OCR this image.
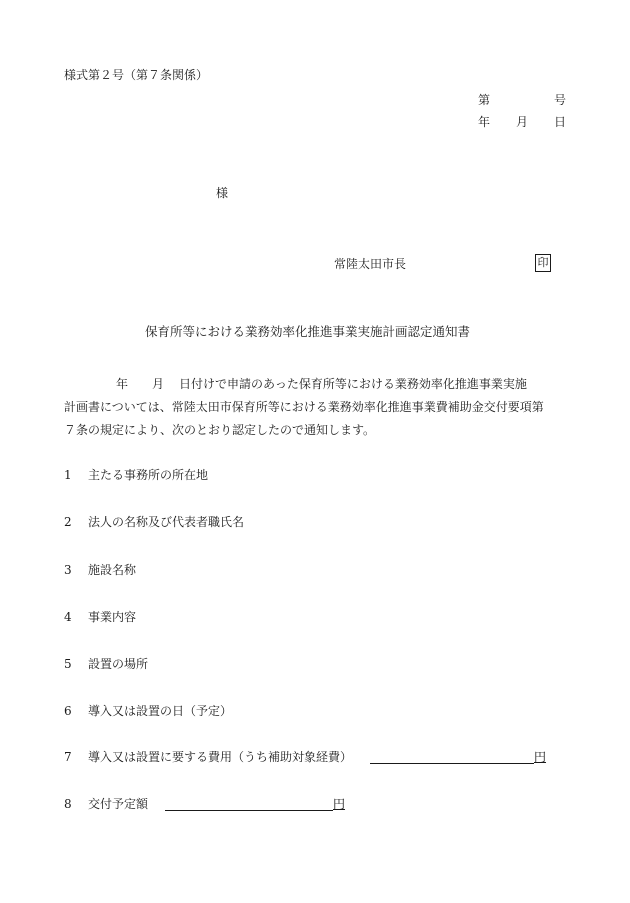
様式第２号（第７条関係）
第	号
年 月 日
様
常陸太田市長	印
保育所等における業務効率化推進事業実施計画認定通知書
年 月 日付けで申請のあった保育所等における業務効率化推進事業実施
計画書については、常陸太田市保育所等における業務効率化推進事業費補助金交付要項第
７条の規定により、次のとおり認定したので通知します。
1 主たる事務所の所在地
2 法人の名称及び代表者職氏名
3 施設名称
4 事業内容
5 設置の場所
6 導入又は設置の日（予定）
7 導入又は設置に要する費用（うち補助対象経費）	円
8 交付予定額	円
